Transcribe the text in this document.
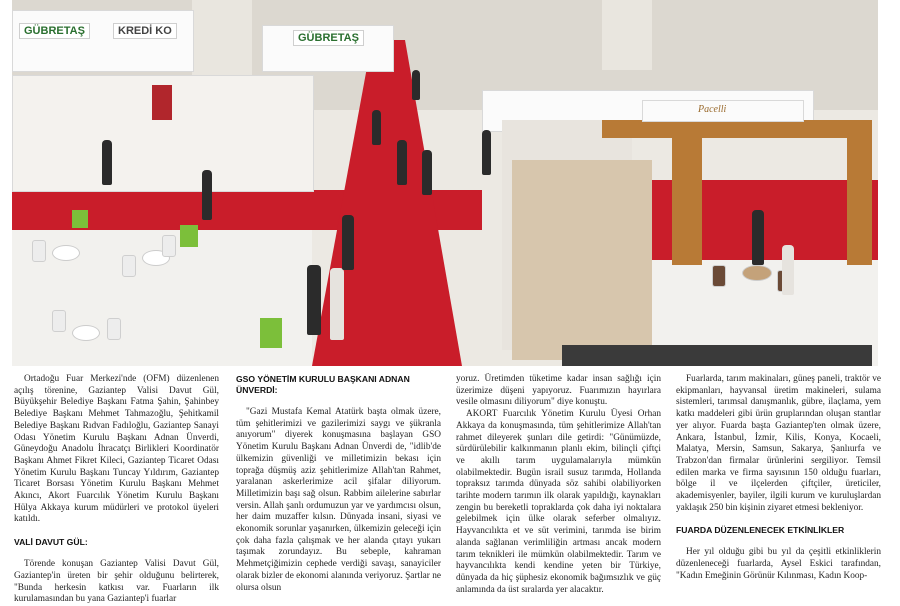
GÜBRETAŞ	KREDİ KO
GÜBRETAŞ
Pacelli

Ortadoğu Fuar Merkezi'nde (OFM) düzenlenen açılış törenine, Gaziantep Valisi Davut Gül, Büyükşehir Belediye Başkanı Fatma Şahin, Şahinbey Belediye Başkanı Mehmet Tahmazoğlu, Şehitkamil Belediye Başkanı Rıdvan Fadıloğlu, Gaziantep Sanayi Odası Yönetim Kurulu Başkanı Adnan Ünverdi, Güneydoğu Anadolu İhracatçı Birlikleri Koordinatör Başkanı Ahmet Fikret Kileci, Gaziantep Ticaret Odası Yönetim Kurulu Başkanı Tuncay Yıldırım, Gaziantep Ticaret Borsası Yönetim Kurulu Başkanı Mehmet Akıncı, Akort Fuarcılık Yönetim Kurulu Başkanı Hülya Akkaya kurum müdürleri ve protokol üyeleri katıldı.

VALİ DAVUT GÜL:

Törende konuşan Gaziantep Valisi Davut Gül, Gaziantep'in üreten bir şehir olduğunu belirterek, "Bunda herkesin katkısı var. Fuarların ilk kurulamasından bu yana Gaziantep'i fuarlar

GSO YÖNETİM KURULU BAŞKANI ADNAN ÜNVERDİ:

"Gazi Mustafa Kemal Atatürk başta olmak üzere, tüm şehitlerimizi ve gazilerimizi saygı ve şükranla anıyorum" diyerek konuşmasına başlayan GSO Yönetim Kurulu Başkanı Adnan Ünverdi de, "idlib'de ülkemizin güvenliği ve milletimizin bekası için toprağa düşmüş aziz şehitlerimize Allah'tan Rahmet, yaralanan askerlerimize acil şifalar diliyorum. Milletimizin başı sağ olsun. Rabbim ailelerine sabırlar versin. Allah şanlı ordumuzun yar ve yardımcısı olsun, her daim muzaffer kılsın. Dünyada insani, siyasi ve ekonomik sorunlar yaşanırken, ülkemizin geleceği için çok daha fazla çalışmak ve her alanda çıtayı yukarı taşımak zorundayız. Bu sebeple, kahraman Mehmetçiğimizin cephede verdiği savaşı, sanayiciler olarak bizler de ekonomi alanında veriyoruz. Şartlar ne olursa olsun

yoruz. Üretimden tüketime kadar insan sağlığı için üzerimize düşeni yapıyoruz. Fuarımızın hayırlara vesile olmasını diliyorum" diye konuştu.

AKORT Fuarcılık Yönetim Kurulu Üyesi Orhan Akkaya da konuşmasında, tüm şehitlerimize Allah'tan rahmet dileyerek şunları dile getirdi: "Günümüzde, sürdürülebilir kalkınmanın planlı ekim, bilinçli çiftçi ve akıllı tarım uygulamalarıyla mümkün olabilmektedir. Bugün israil susuz tarımda, Hollanda topraksız tarımda dünyada söz sahibi olabiliyorken tarihte modern tarımın ilk olarak yapıldığı, kaynakları zengin bu bereketli topraklarda çok daha iyi noktalara gelebilmek için ülke olarak seferber olmalıyız. Hayvancılıkta et ve süt verimini, tarımda ise birim alanda sağlanan verimliliğin artması ancak modern tarım teknikleri ile mümkün olabilmektedir. Tarım ve hayvancılıkta kendi kendine yeten bir Türkiye, dünyada da hiç şüphesiz ekonomik bağımsızlık ve güç anlamında da üst sıralarda yer alacaktır.

Fuarlarda, tarım makinaları, güneş paneli, traktör ve ekipmanları, hayvansal üretim makineleri, sulama sistemleri, tarımsal danışmanlık, gübre, ilaçlama, yem katkı maddeleri gibi ürün gruplarından oluşan stantlar yer alıyor. Fuarda başta Gaziantep'ten olmak üzere, Ankara, İstanbul, İzmir, Kilis, Konya, Kocaeli, Malatya, Mersin, Samsun, Sakarya, Şanlıurfa ve Trabzon'dan firmalar ürünlerini sergiliyor. Temsil edilen marka ve firma sayısının 150 olduğu fuarları, bölge il ve ilçelerden çiftçiler, üreticiler, akademisyenler, bayiler, ilgili kurum ve kuruluşlardan yaklaşık 250 bin kişinin ziyaret etmesi bekleniyor.

FUARDA DÜZENLENECEK ETKİNLİKLER

Her yıl olduğu gibi bu yıl da çeşitli etkinliklerin düzenleneceği fuarlarda, Aysel Eskici tarafından, "Kadın Emeğinin Görünür Kılınması, Kadın Koop-
